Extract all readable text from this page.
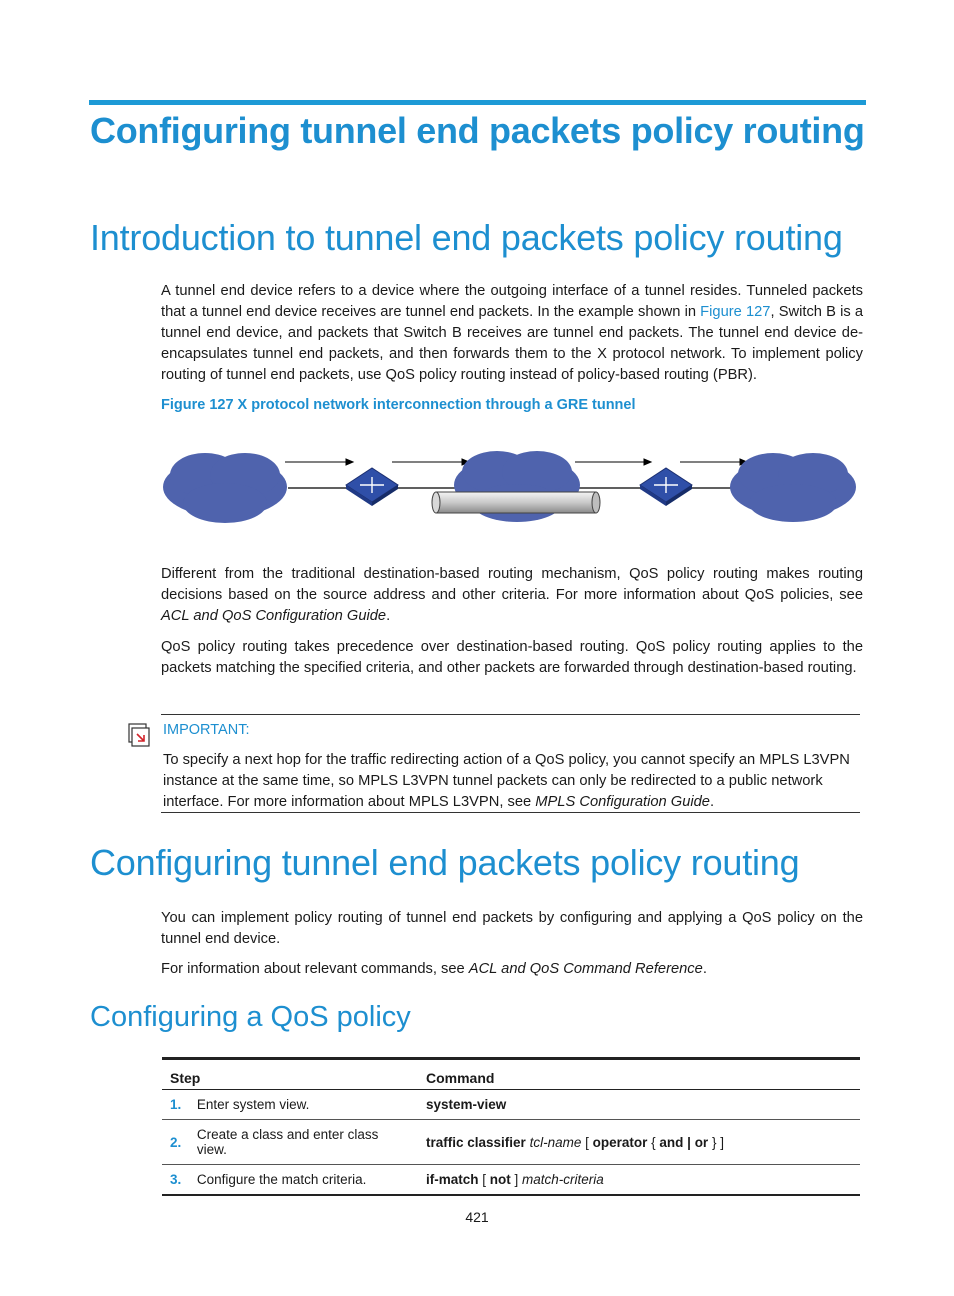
Configuring tunnel end packets policy routing
Introduction to tunnel end packets policy routing

A tunnel end device refers to a device where the outgoing interface of a tunnel resides. Tunneled packets that a tunnel end device receives are tunnel end packets. In the example shown in Figure 127, Switch B is a tunnel end device, and packets that Switch B receives are tunnel end packets. The tunnel end device de-encapsulates tunnel end packets, and then forwards them to the X protocol network. To implement policy routing of tunnel end packets, use QoS policy routing instead of policy-based routing (PBR).

Figure 127 X protocol network interconnection through a GRE tunnel

Different from the traditional destination-based routing mechanism, QoS policy routing makes routing decisions based on the source address and other criteria. For more information about QoS policies, see ACL and QoS Configuration Guide.

QoS policy routing takes precedence over destination-based routing. QoS policy routing applies to the packets matching the specified criteria, and other packets are forwarded through destination-based routing.

IMPORTANT:

To specify a next hop for the traffic redirecting action of a QoS policy, you cannot specify an MPLS L3VPN instance at the same time, so MPLS L3VPN tunnel packets can only be redirected to a public network interface. For more information about MPLS L3VPN, see MPLS Configuration Guide.

Configuring tunnel end packets policy routing

You can implement policy routing of tunnel end packets by configuring and applying a QoS policy on the tunnel end device.

For information about relevant commands, see ACL and QoS Command Reference.

Configuring a QoS policy
Step		Command
1.	Enter system view.	system-view
2.	Create a class and enter class view.	traffic classifier tcl-name [ operator { and | or } ]
3.	Configure the match criteria.	if-match [ not ] match-criteria

421
